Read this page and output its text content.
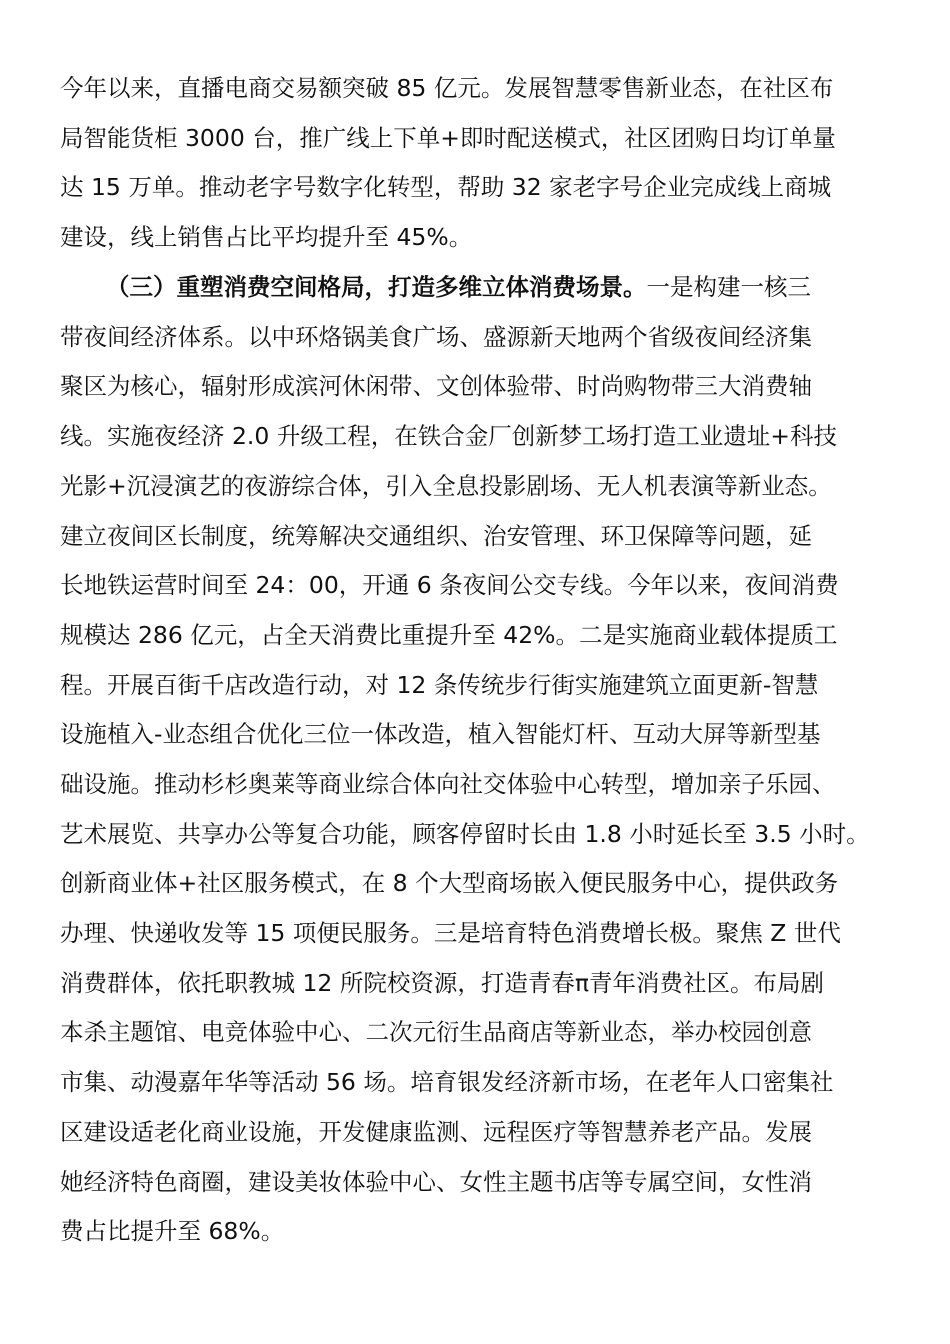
今年以来，直播电商交易额突破 85 亿元。发展智慧零售新业态，在社区布
局智能货柜 3000 台，推广线上下单+即时配送模式，社区团购日均订单量
达 15 万单。推动老字号数字化转型，帮助 32 家老字号企业完成线上商城
建设，线上销售占比平均提升至 45%。
（三）重塑消费空间格局，打造多维立体消费场景。一是构建一核三
带夜间经济体系。以中环烙锅美食广场、盛源新天地两个省级夜间经济集
聚区为核心，辐射形成滨河休闲带、文创体验带、时尚购物带三大消费轴
线。实施夜经济 2.0 升级工程，在铁合金厂创新梦工场打造工业遗址+科技
光影+沉浸演艺的夜游综合体，引入全息投影剧场、无人机表演等新业态。
建立夜间区长制度，统筹解决交通组织、治安管理、环卫保障等问题，延
长地铁运营时间至 24：00，开通 6 条夜间公交专线。今年以来，夜间消费
规模达 286 亿元，占全天消费比重提升至 42%。二是实施商业载体提质工
程。开展百街千店改造行动，对 12 条传统步行街实施建筑立面更新-智慧
设施植入-业态组合优化三位一体改造，植入智能灯杆、互动大屏等新型基
础设施。推动杉杉奥莱等商业综合体向社交体验中心转型，增加亲子乐园、
艺术展览、共享办公等复合功能，顾客停留时长由 1.8 小时延长至 3.5 小时。
创新商业体+社区服务模式，在 8 个大型商场嵌入便民服务中心，提供政务
办理、快递收发等 15 项便民服务。三是培育特色消费增长极。聚焦 Z 世代
消费群体，依托职教城 12 所院校资源，打造青春π青年消费社区。布局剧
本杀主题馆、电竞体验中心、二次元衍生品商店等新业态，举办校园创意
市集、动漫嘉年华等活动 56 场。培育银发经济新市场，在老年人口密集社
区建设适老化商业设施，开发健康监测、远程医疗等智慧养老产品。发展
她经济特色商圈，建设美妆体验中心、女性主题书店等专属空间，女性消
费占比提升至 68%。
